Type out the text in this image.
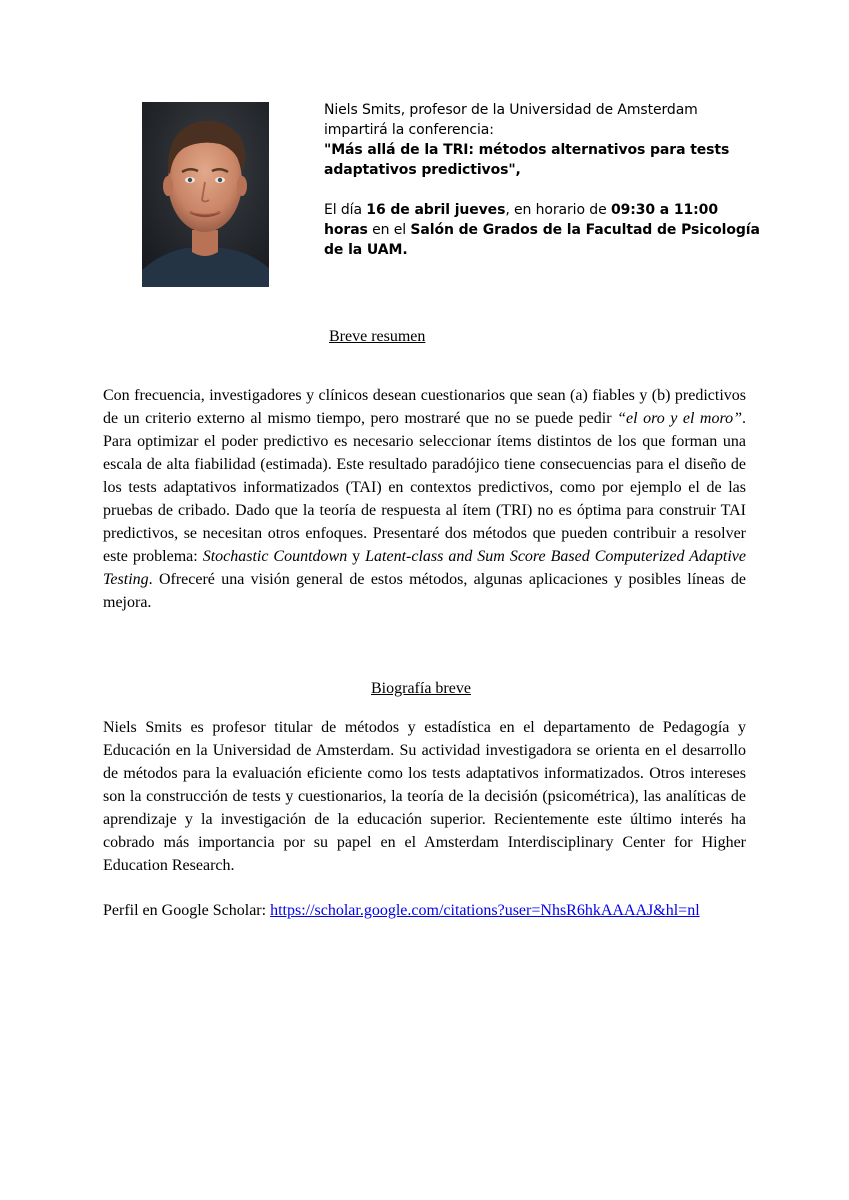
Niels Smits, profesor de la Universidad de Amsterdam

impartirá la conferencia:

"Más allá de la TRI: métodos alternativos para tests adaptativos predictivos",

El día 16 de abril jueves, en horario de 09:30 a 11:00 horas en el Salón de Grados de la Facultad de Psicología de la UAM.

Breve resumen

Con frecuencia, investigadores y clínicos desean cuestionarios que sean (a) fiables y (b) predictivos de un criterio externo al mismo tiempo, pero mostraré que no se puede pedir “el oro y el moro”. Para optimizar el poder predictivo es necesario seleccionar ítems distintos de los que forman una escala de alta fiabilidad (estimada). Este resultado paradójico tiene consecuencias para el diseño de los tests adaptativos informatizados (TAI) en contextos predictivos, como por ejemplo el de las pruebas de cribado. Dado que la teoría de respuesta al ítem (TRI) no es óptima para construir TAI predictivos, se necesitan otros enfoques. Presentaré dos métodos que pueden contribuir a resolver este problema: Stochastic Countdown y Latent-class and Sum Score Based Computerized Adaptive Testing. Ofreceré una visión general de estos métodos, algunas aplicaciones y posibles líneas de mejora.

Biografía breve

Niels Smits es profesor titular de métodos y estadística en el departamento de Pedagogía y Educación en la Universidad de Amsterdam. Su actividad investigadora se orienta en el desarrollo de métodos para la evaluación eficiente como los tests adaptativos informatizados. Otros intereses son la construcción de tests y cuestionarios, la teoría de la decisión (psicométrica), las analíticas de aprendizaje y la investigación de la educación superior. Recientemente este último interés ha cobrado más importancia por su papel en el Amsterdam Interdisciplinary Center for Higher Education Research.

Perfil en Google Scholar: https://scholar.google.com/citations?user=NhsR6hkAAAAJ&hl=nl
